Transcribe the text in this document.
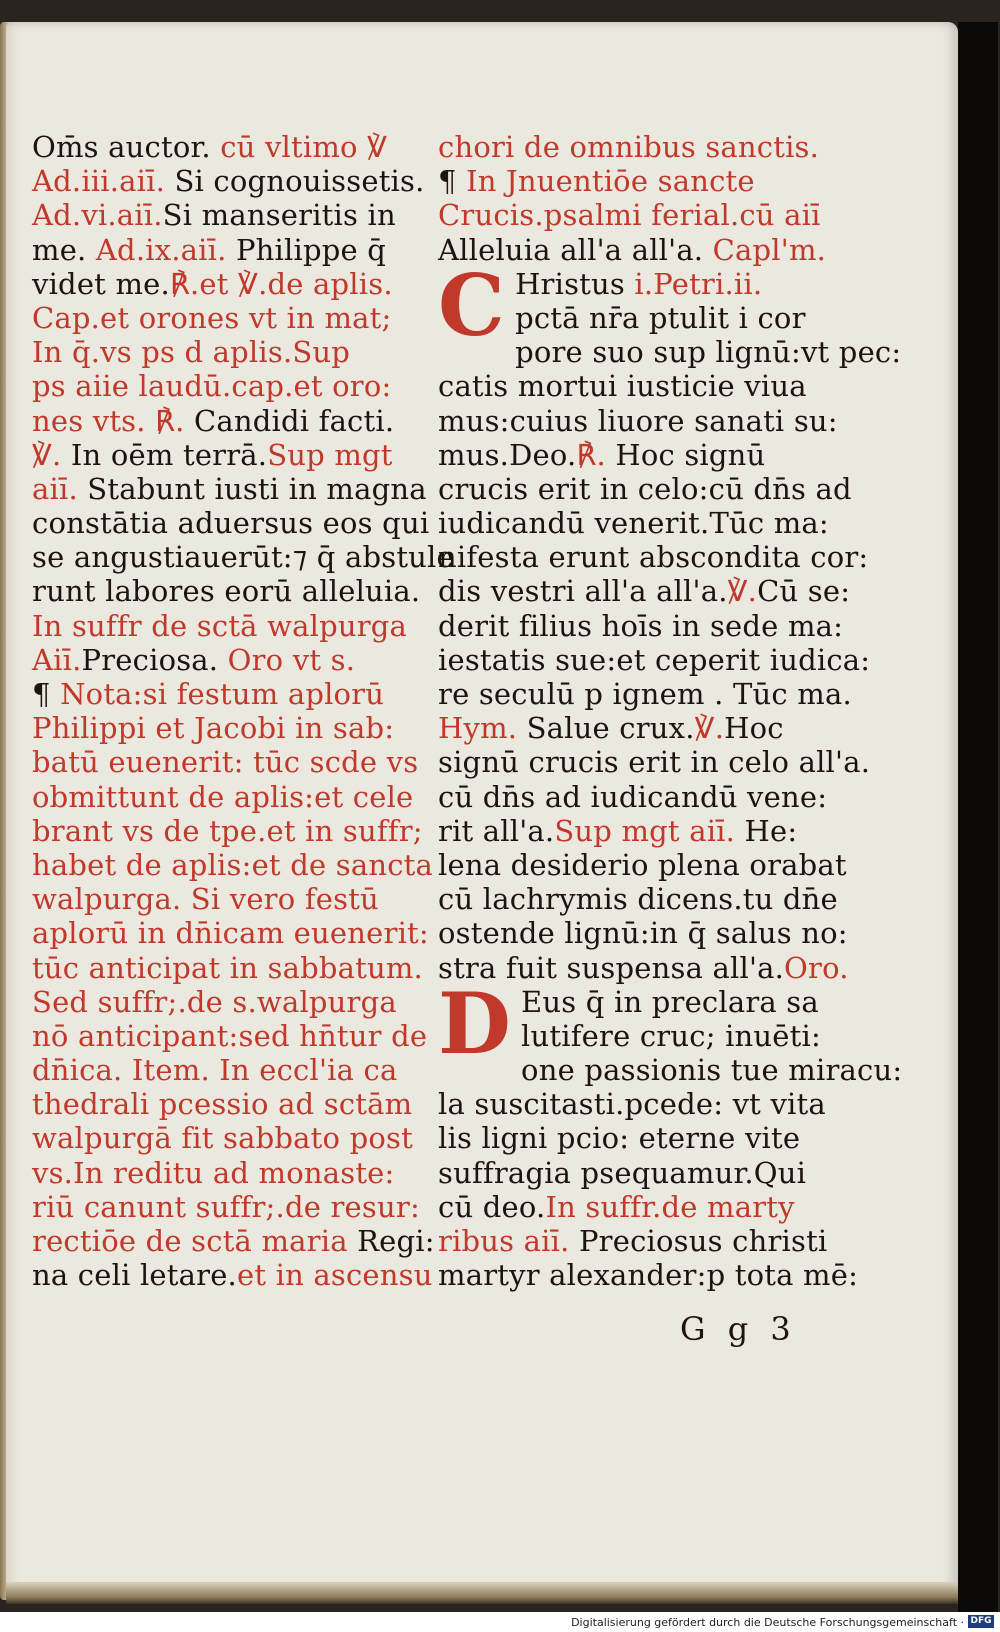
Om̄s auctor. cū vltimo ℣
Ad.iii.aiī. Si cognouissetis.
Ad.vi.aiī.Si manseritis in
me. Ad.ix.aiī. Philippe q̄
videt me.℟.et ℣.de aplis.
Cap.et orones vt in mat;
In q̄.vs ps d aplis.Sup
ps aiie laudū.cap.et oro:
nes vts. ℟. Candidi facti.
℣. In oēm terrā.Sup mgt
aiī. Stabunt iusti in magna
constātia aduersus eos qui
se angustiauerūt:⁊ q̄ abstule
runt labores eorū alleluia.
In suffr de sctā walpurga
Aiī.Preciosa. Oro vt s.
¶ Nota:si festum aplorū
Philippi et Jacobi in sab:
batū euenerit: tūc scde vs
obmittunt de aplis:et cele
brant vs de tpe.et in suffr;
habet de aplis:et de sancta
walpurga. Si vero festū
aplorū in dn̄icam euenerit:
tūc anticipat in sabbatum.
Sed suffr;.de s.walpurga
nō anticipant:sed hn̄tur de
dn̄ica. Item. In eccl'ia ca
thedrali pcessio ad sctām
walpurgā fit sabbato post
vs.In reditu ad monaste:
riū canunt suffr;.de resur:
rectiōe de sctā maria Regi:
na celi letare.et in ascensu
chori de omnibus sanctis.
¶ In Jnuentiōe sancte
Crucis.psalmi ferial.cū aiī
Alleluia all'a all'a. Capl'm.
C Hristus i.Petri.ii.
pctā nr̄a ptulit i cor
pore suo sup lignū:vt pec:
catis mortui iusticie viua
mus:cuius liuore sanati su:
mus.Deo.℟. Hoc signū
crucis erit in celo:cū dn̄s ad
iudicandū venerit.Tūc ma:
nifesta erunt abscondita cor:
dis vestri all'a all'a.℣.Cū se:
derit filius hoīs in sede ma:
iestatis sue:et ceperit iudica:
re seculū p ignem . Tūc ma.
Hym. Salue crux.℣.Hoc
signū crucis erit in celo all'a.
cū dn̄s ad iudicandū vene:
rit all'a.Sup mgt aiī. He:
lena desiderio plena orabat
cū lachrymis dicens.tu dn̄e
ostende lignū:in q̄ salus no:
stra fuit suspensa all'a.Oro.
D Eus q̄ in preclara sa
lutifere cruc; inuēti:
one passionis tue miracu:
la suscitasti.pcede: vt vita
lis ligni pcio: eterne vite
suffragia psequamur.Qui
cū deo.In suffr.de marty
ribus aiī. Preciosus christi
martyr alexander:p tota mē:
G g 3
Digitalisierung gefördert durch die Deutsche Forschungsgemeinschaft · DFG
